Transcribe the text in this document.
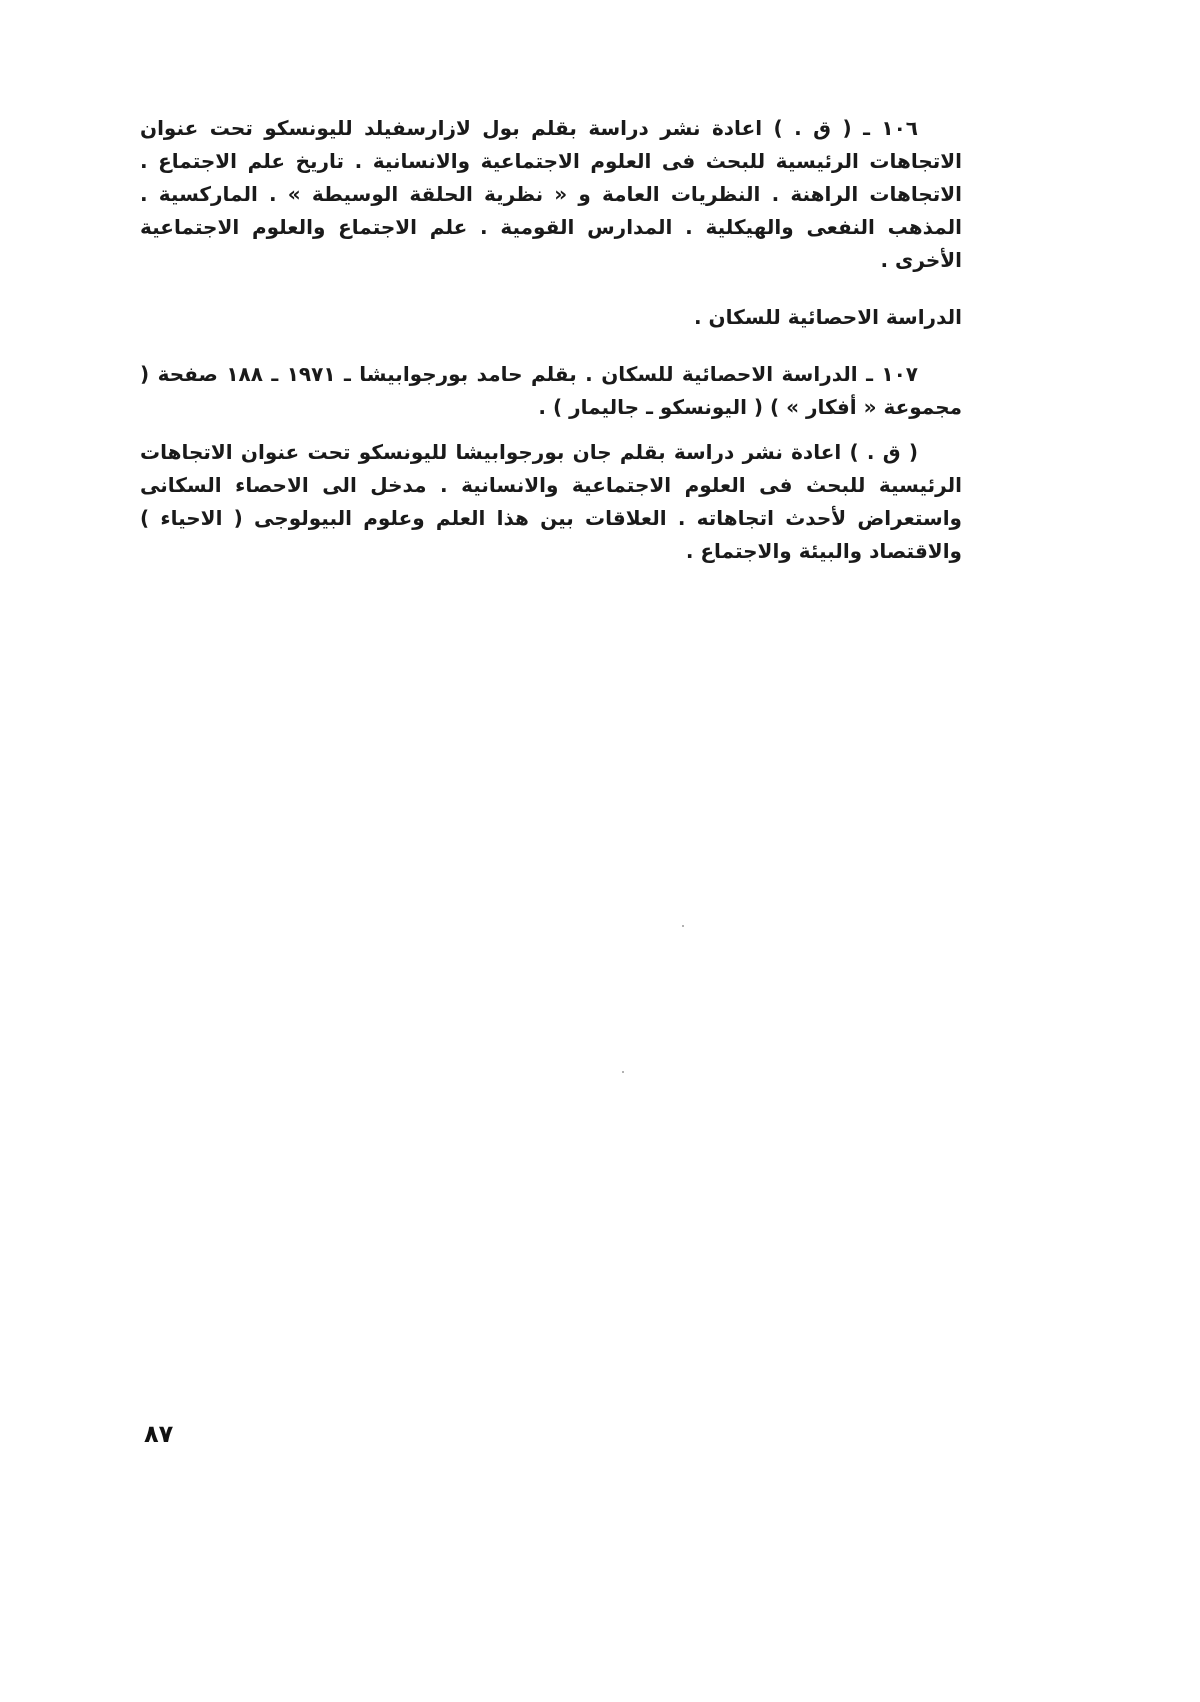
١٠٦ ـ ( ق . ) اعادة نشر دراسة بقلم بول لازارسفيلد لليونسكو تحت عنوان الاتجاهات الرئيسية للبحث فى العلوم الاجتماعية والانسانية . تاريخ علم الاجتماع . الاتجاهات الراهنة . النظريات العامة و « نظرية الحلقة الوسيطة » . الماركسية . المذهب النفعى والهيكلية . المدارس القومية . علم الاجتماع والعلوم الاجتماعية الأخرى .

الدراسة الاحصائية للسكان .

١٠٧ ـ الدراسة الاحصائية للسكان . بقلم حامد بورجوابيشا ـ ١٩٧١ ـ ١٨٨ صفحة ( مجموعة « أفكار » ) ( اليونسكو ـ جاليمار ) .

( ق . ) اعادة نشر دراسة بقلم جان بورجوابيشا لليونسكو تحت عنوان الاتجاهات الرئيسية للبحث فى العلوم الاجتماعية والانسانية . مدخل الى الاحصاء السكانى واستعراض لأحدث اتجاهاته . العلاقات بين هذا العلم وعلوم البيولوجى ( الاحياء ) والاقتصاد والبيئة والاجتماع .

٨٧
